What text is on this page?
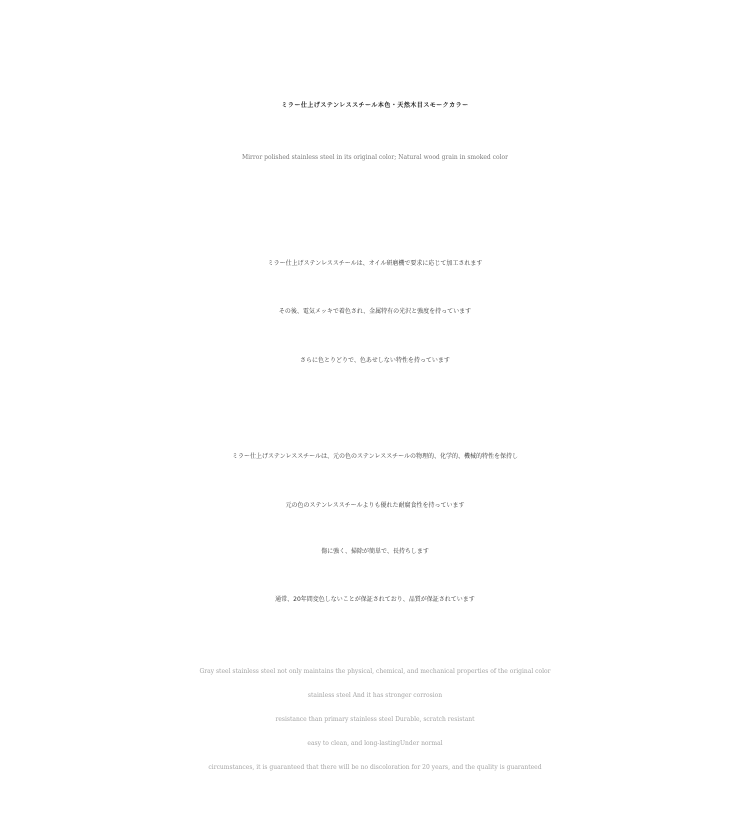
ミラー仕上げステンレススチール本色・天然木目スモークカラー

Mirror polished stainless steel in its original color; Natural wood grain in smoked color

ミラー仕上げステンレススチールは、オイル研磨機で要求に応じて加工されます

その後、電気メッキで着色され、金属特有の光沢と強度を持っています

さらに色とりどりで、色あせしない特性を持っています

ミラー仕上げステンレススチールは、元の色のステンレススチールの物理的、化学的、機械的特性を保持し

元の色のステンレススチールよりも優れた耐腐食性を持っています

傷に強く、掃除が簡単で、長持ちします

通常、20年間変色しないことが保証されており、品質が保証されています

Gray steel stainless steel not only maintains the physical, chemical, and mechanical properties of the original color

stainless steel And it has stronger corrosion

resistance than primary stainless steel Durable, scratch resistant

easy to clean, and long-lastingUnder normal

circumstances, it is guaranteed that there will be no discoloration for 20 years, and the quality is guaranteed
